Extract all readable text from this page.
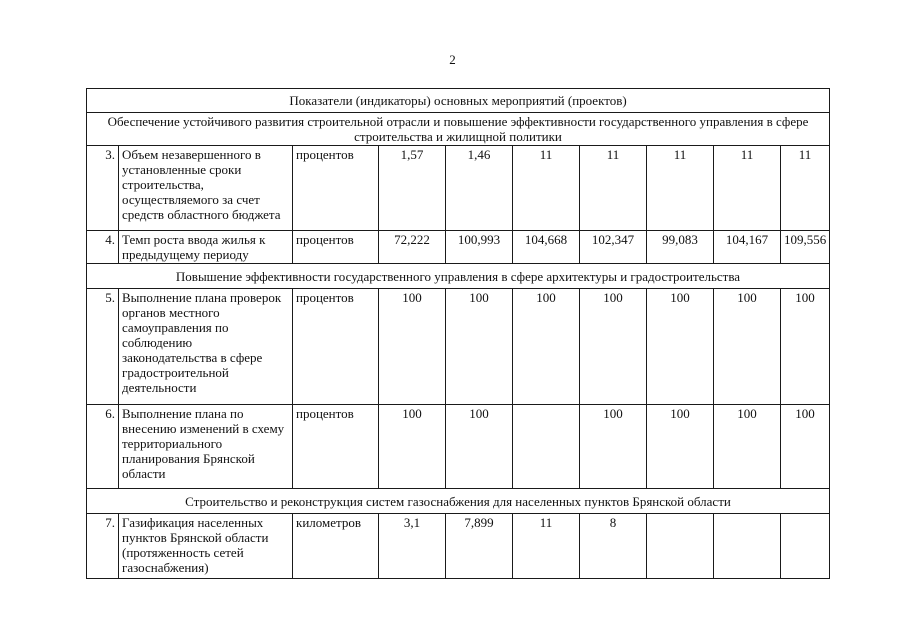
2
Показатели (индикаторы) основных мероприятий (проектов)									
Обеспечение устойчивого развития строительной отрасли и повышение эффективности государственного управления в сфере строительства и жилищной политики									
3.	Объем незавершенного в установленные сроки строительства, осуществляемого за счет средств областного бюджета	процентов	1,57	1,46	11	11	11	11	11
4.	Темп роста ввода жилья к предыдущему периоду	процентов	72,222	100,993	104,668	102,347	99,083	104,167	109,556
Повышение эффективности государственного управления в сфере архитектуры и градостроительства									
5.	Выполнение плана проверок органов местного самоуправления по соблюдению законодательства в сфере градостроительной деятельности	процентов	100	100	100	100	100	100	100
6.	Выполнение плана по внесению изменений в схему территориального планирования Брянской области	процентов	100	100		100	100	100	100
Строительство и реконструкция систем газоснабжения для населенных пунктов Брянской области									
7.	Газификация населенных пунктов Брянской области (протяженность сетей газоснабжения)	километров	3,1	7,899	11	8			
